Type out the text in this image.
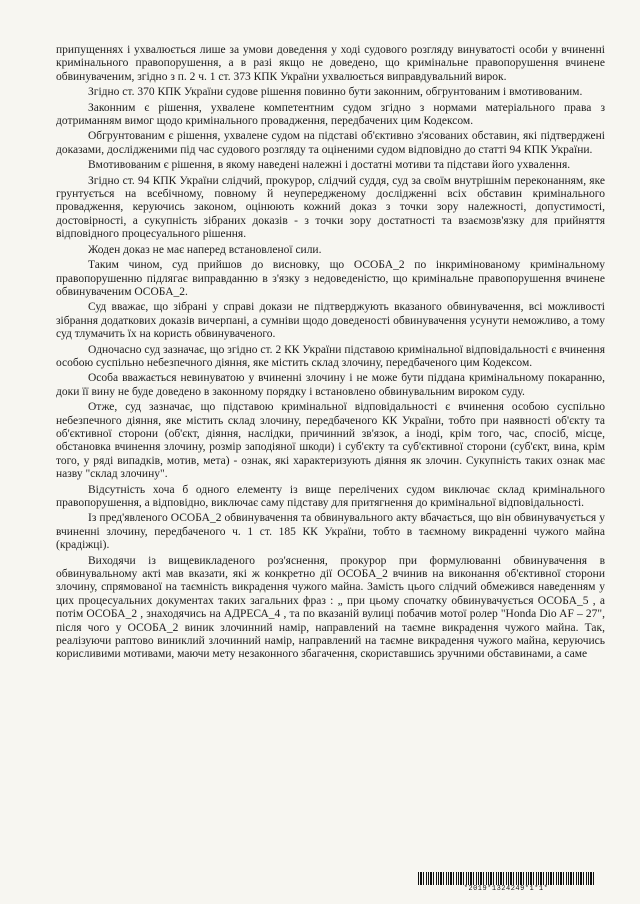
припущеннях і ухвалюється лише за умови доведення у ході судового розгляду винуватості особи у вчиненні кримінального правопорушення, а в разі якщо не доведено, що кримінальне правопорушення вчинене обвинуваченим, згідно з п. 2 ч. 1 ст. 373 КПК України ухвалюється виправдувальний вирок.

Згідно ст. 370 КПК України судове рішення повинно бути законним, обгрунтованим і вмотивованим.

Законним є рішення, ухвалене компетентним судом згідно з нормами матеріального права з дотриманням вимог щодо кримінального провадження, передбачених цим Кодексом.

Обгрунтованим є рішення, ухвалене судом на підставі об'єктивно з'ясованих обставин, які підтверджені доказами, дослідженими під час судового розгляду та оціненими судом відповідно до статті 94 КПК України.

Вмотивованим є рішення, в якому наведені належні і достатні мотиви та підстави його ухвалення.

Згідно ст. 94 КПК України слідчий, прокурор, слідчий суддя, суд за своїм внутрішнім переконанням, яке грунтується на всебічному, повному й неупередженому дослідженні всіх обставин кримінального провадження, керуючись законом, оцінюють кожний доказ з точки зору належності, допустимості, достовірності, а сукупність зібраних доказів - з точки зору достатності та взаємозв'язку для прийняття відповідного процесуального рішення.

Жоден доказ не має наперед встановленої сили.

Таким чином, суд прийшов до висновку, що ОСОБА_2 по інкримінованому кримінальному правопорушенню підлягає виправданню в з'язку з недоведеністю, що кримінальне правопорушення вчинене обвинуваченим ОСОБА_2.

Суд вважає, що зібрані у справі докази не підтверджують вказаного обвинувачення, всі можливості зібрання додаткових доказів вичерпані, а сумніви щодо доведеності обвинувачення усунути неможливо, а тому суд тлумачить їх на користь обвинуваченого.

Одночасно суд зазначає, що згідно ст. 2 КК України підставою кримінальної відповідальності є вчинення особою суспільно небезпечного діяння, яке містить склад злочину, передбаченого цим Кодексом.

Особа вважається невинуватою у вчиненні злочину і не може бути піддана кримінальному покаранню, доки її вину не буде доведено в законному порядку і встановлено обвинувальним вироком суду.

Отже, суд зазначає, що підставою кримінальної відповідальності є вчинення особою суспільно небезпечного діяння, яке містить склад злочину, передбаченого КК України, тобто при наявності об'єкту та об'єктивної сторони (об'єкт, діяння, наслідки, причинний зв'язок, а іноді, крім того, час, спосіб, місце, обстановка вчинення злочину, розмір заподіяної шкоди) і суб'єкту та суб'єктивної сторони (суб'єкт, вина, крім того, у ряді випадків, мотив, мета) - ознак, які характеризують діяння як злочин. Сукупність таких ознак має назву "склад злочину".

Відсутність хоча б одного елементу із вище перелічених судом виключає склад кримінального правопорушення, а відповідно, виключає саму підставу для притягнення до кримінальної відповідальності.

Із пред'явленого ОСОБА_2 обвинувачення та обвинувального акту вбачається, що він обвинувачується у вчиненні злочину, передбаченого ч. 1 ст. 185 КК України, тобто в таємному викраденні чужого майна (крадіжці).

Виходячи із вищевикладеного роз'яснення, прокурор при формулюванні обвинувачення в обвинувальному акті мав вказати, які ж конкретно дії ОСОБА_2 вчинив на виконання об'єктивної сторони злочину, спрямованої на таємність викрадення чужого майна. Замість цього слідчий обмежився наведенням у цих процесуальних документах таких загальних фраз : „ при цьому спочатку обвинувачується ОСОБА_5 , а потім ОСОБА_2 , знаходячись на АДРЕСА_4 , та по вказаній вулиці побачив мотоï ролер "Honda Dio AF – 27", після чого у ОСОБА_2 виник злочинний намір, направлений на таємне викрадення чужого майна. Так, реалізуючи раптово виниклий злочинний намір, направлений на таємне викрадення чужого майна, керуючись корисливими мотивами, маючи мету незаконного збагачення, скориставшись зручними обставинами, а саме

*2019*1324249*1*1*
